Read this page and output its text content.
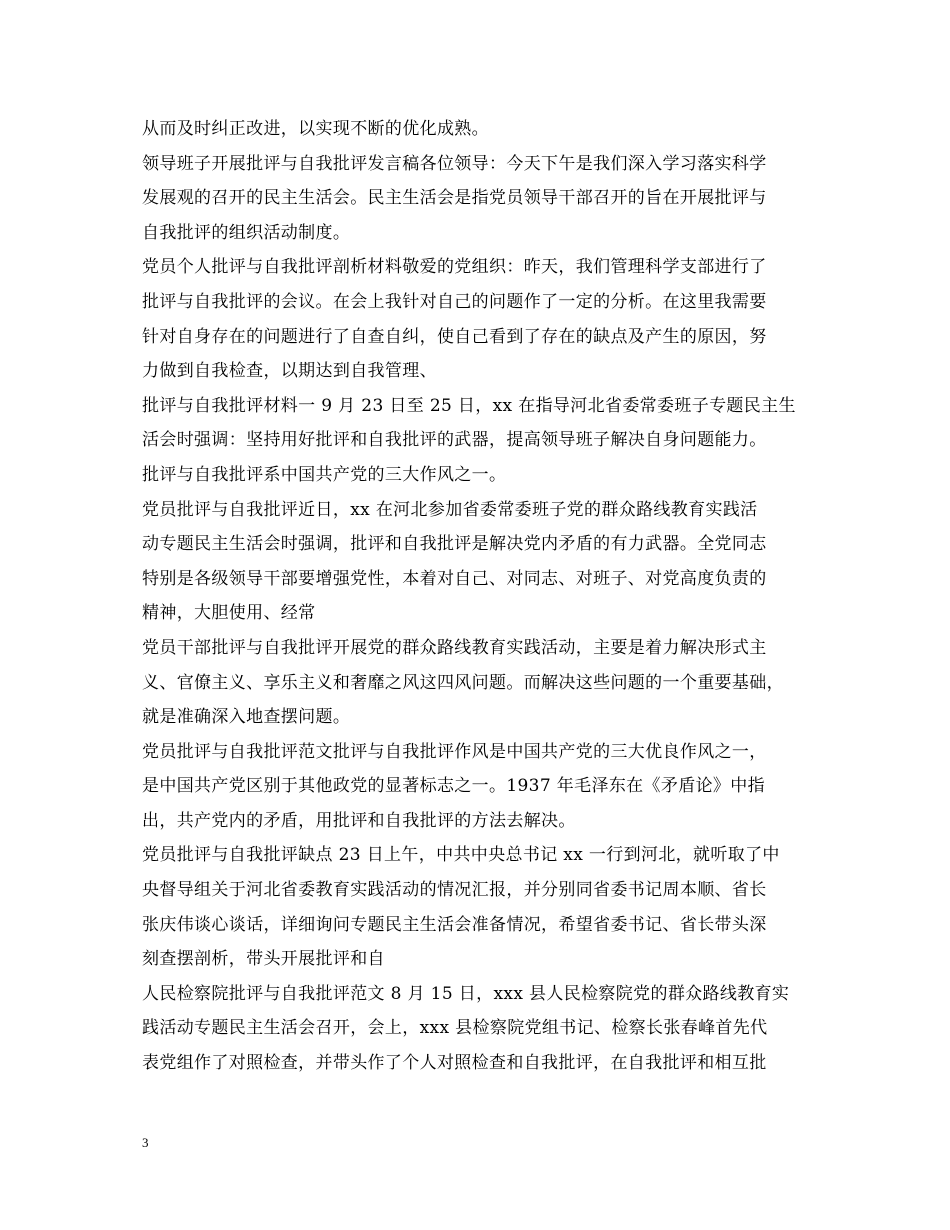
从而及时纠正改进，以实现不断的优化成熟。
领导班子开展批评与自我批评发言稿各位领导：今天下午是我们深入学习落实科学
发展观的召开的民主生活会。民主生活会是指党员领导干部召开的旨在开展批评与
自我批评的组织活动制度。
党员个人批评与自我批评剖析材料敬爱的党组织：昨天，我们管理科学支部进行了
批评与自我批评的会议。在会上我针对自己的问题作了一定的分析。在这里我需要
针对自身存在的问题进行了自查自纠，使自己看到了存在的缺点及产生的原因，努
力做到自我检查，以期达到自我管理、
批评与自我批评材料一 9 月 23 日至 25 日，xx 在指导河北省委常委班子专题民主生
活会时强调：坚持用好批评和自我批评的武器，提高领导班子解决自身问题能力。
批评与自我批评系中国共产党的三大作风之一。
党员批评与自我批评近日，xx 在河北参加省委常委班子党的群众路线教育实践活
动专题民主生活会时强调，批评和自我批评是解决党内矛盾的有力武器。全党同志
特别是各级领导干部要增强党性，本着对自己、对同志、对班子、对党高度负责的
精神，大胆使用、经常
党员干部批评与自我批评开展党的群众路线教育实践活动，主要是着力解决形式主
义、官僚主义、享乐主义和奢靡之风这四风问题。而解决这些问题的一个重要基础，
就是准确深入地查摆问题。
党员批评与自我批评范文批评与自我批评作风是中国共产党的三大优良作风之一，
是中国共产党区别于其他政党的显著标志之一。1937 年毛泽东在《矛盾论》中指
出，共产党内的矛盾，用批评和自我批评的方法去解决。
党员批评与自我批评缺点 23 日上午，中共中央总书记 xx 一行到河北，就听取了中
央督导组关于河北省委教育实践活动的情况汇报，并分别同省委书记周本顺、省长
张庆伟谈心谈话，详细询问专题民主生活会准备情况，希望省委书记、省长带头深
刻查摆剖析，带头开展批评和自
人民检察院批评与自我批评范文 8 月 15 日，xxx 县人民检察院党的群众路线教育实
践活动专题民主生活会召开，会上，xxx 县检察院党组书记、检察长张春峰首先代
表党组作了对照检查，并带头作了个人对照检查和自我批评，在自我批评和相互批
3
